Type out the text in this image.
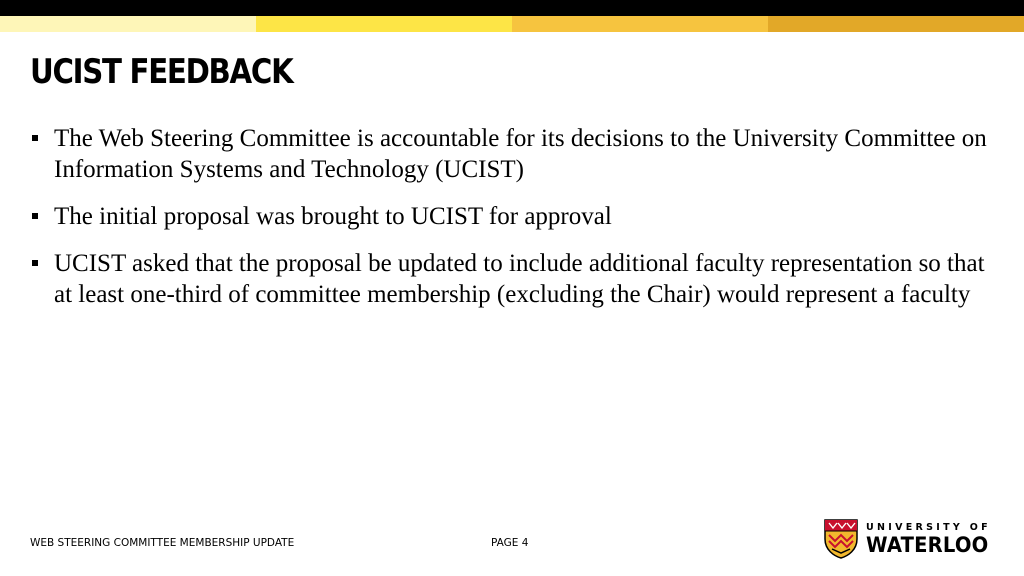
UCIST FEEDBACK
The Web Steering Committee is accountable for its decisions to the University Committee on Information Systems and Technology (UCIST)
The initial proposal was brought to UCIST for approval
UCIST asked that the proposal be updated to include additional faculty representation so that at least one-third of committee membership (excluding the Chair) would represent a faculty
WEB STEERING COMMITTEE MEMBERSHIP UPDATE	PAGE 4
UNIVERSITY OF
WATERLOO
